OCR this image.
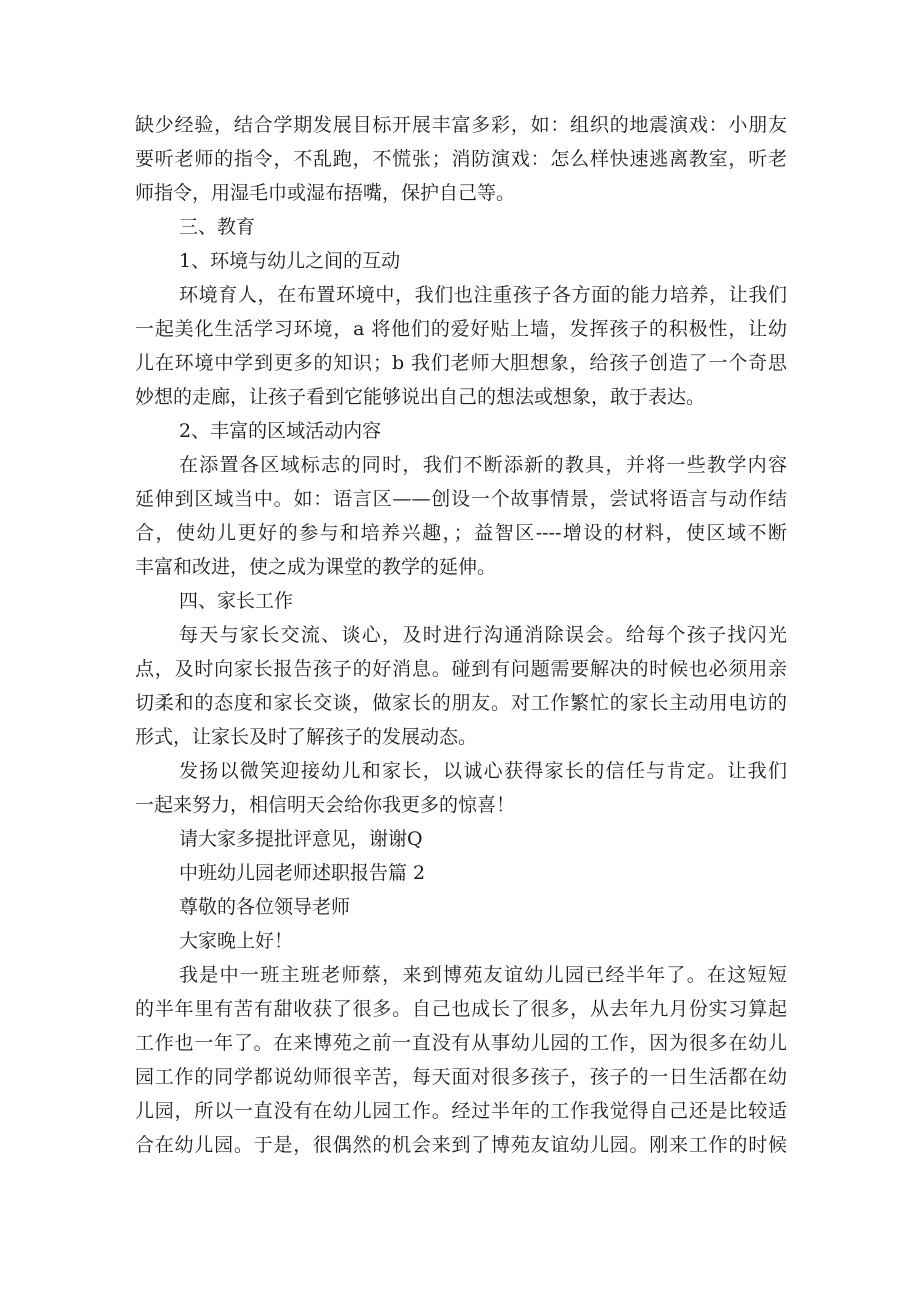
缺少经验，结合学期发展目标开展丰富多彩，如：组织的地震演戏：小朋友
要听老师的指令，不乱跑，不慌张；消防演戏：怎么样快速逃离教室，听老
师指令，用湿毛巾或湿布捂嘴，保护自己等。
三、教育
1、环境与幼儿之间的互动
环境育人，在布置环境中，我们也注重孩子各方面的能力培养，让我们
一起美化生活学习环境，a 将他们的爱好贴上墙，发挥孩子的积极性，让幼
儿在环境中学到更多的知识；b 我们老师大胆想象，给孩子创造了一个奇思
妙想的走廊，让孩子看到它能够说出自己的想法或想象，敢于表达。
2、丰富的区域活动内容
在添置各区域标志的同时，我们不断添新的教具，并将一些教学内容
延伸到区域当中。如：语言区——创设一个故事情景，尝试将语言与动作结
合，使幼儿更好的参与和培养兴趣，；益智区----增设的材料，使区域不断
丰富和改进，使之成为课堂的教学的延伸。
四、家长工作
每天与家长交流、谈心，及时进行沟通消除误会。给每个孩子找闪光
点，及时向家长报告孩子的好消息。碰到有问题需要解决的时候也必须用亲
切柔和的态度和家长交谈，做家长的朋友。对工作繁忙的家长主动用电访的
形式，让家长及时了解孩子的发展动态。
发扬以微笑迎接幼儿和家长，以诚心获得家长的信任与肯定。让我们
一起来努力，相信明天会给你我更多的惊喜！
请大家多提批评意见，谢谢Q
中班幼儿园老师述职报告篇 2
尊敬的各位领导老师
大家晚上好！
我是中一班主班老师蔡，来到博苑友谊幼儿园已经半年了。在这短短
的半年里有苦有甜收获了很多。自己也成长了很多，从去年九月份实习算起
工作也一年了。在来博苑之前一直没有从事幼儿园的工作，因为很多在幼儿
园工作的同学都说幼师很辛苦，每天面对很多孩子，孩子的一日生活都在幼
儿园，所以一直没有在幼儿园工作。经过半年的工作我觉得自己还是比较适
合在幼儿园。于是，很偶然的机会来到了博苑友谊幼儿园。刚来工作的时候
